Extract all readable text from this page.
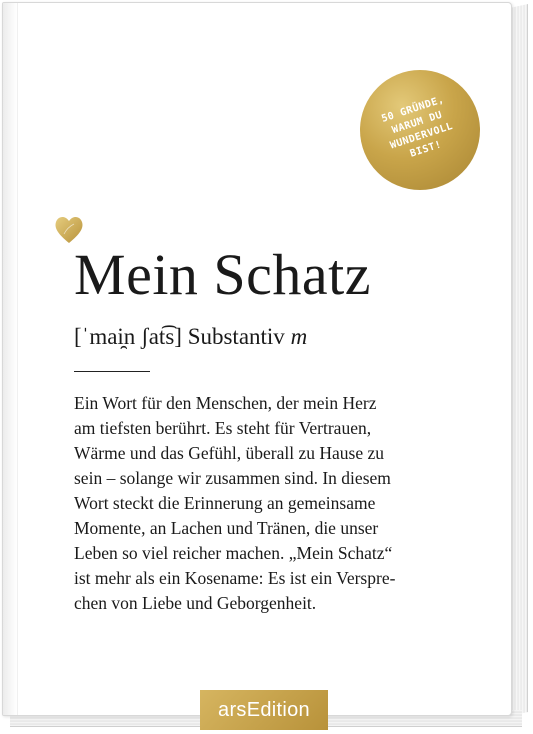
50 GRÜNDE,
WARUM DU
WUNDERVOLL
BIST!
Mein Schatz
[ˈmai̯n ʃat͡s] Substantiv m

Ein Wort für den Menschen, der mein Herz
am tiefsten berührt. Es steht für Vertrauen,
Wärme und das Gefühl, überall zu Hause zu
sein – solange wir zusammen sind. In diesem
Wort steckt die Erinnerung an gemeinsame
Momente, an Lachen und Tränen, die unser
Leben so viel reicher machen. „Mein Schatz“
ist mehr als ein Kosename: Es ist ein Verspre-
chen von Liebe und Geborgenheit.

arsEdition
